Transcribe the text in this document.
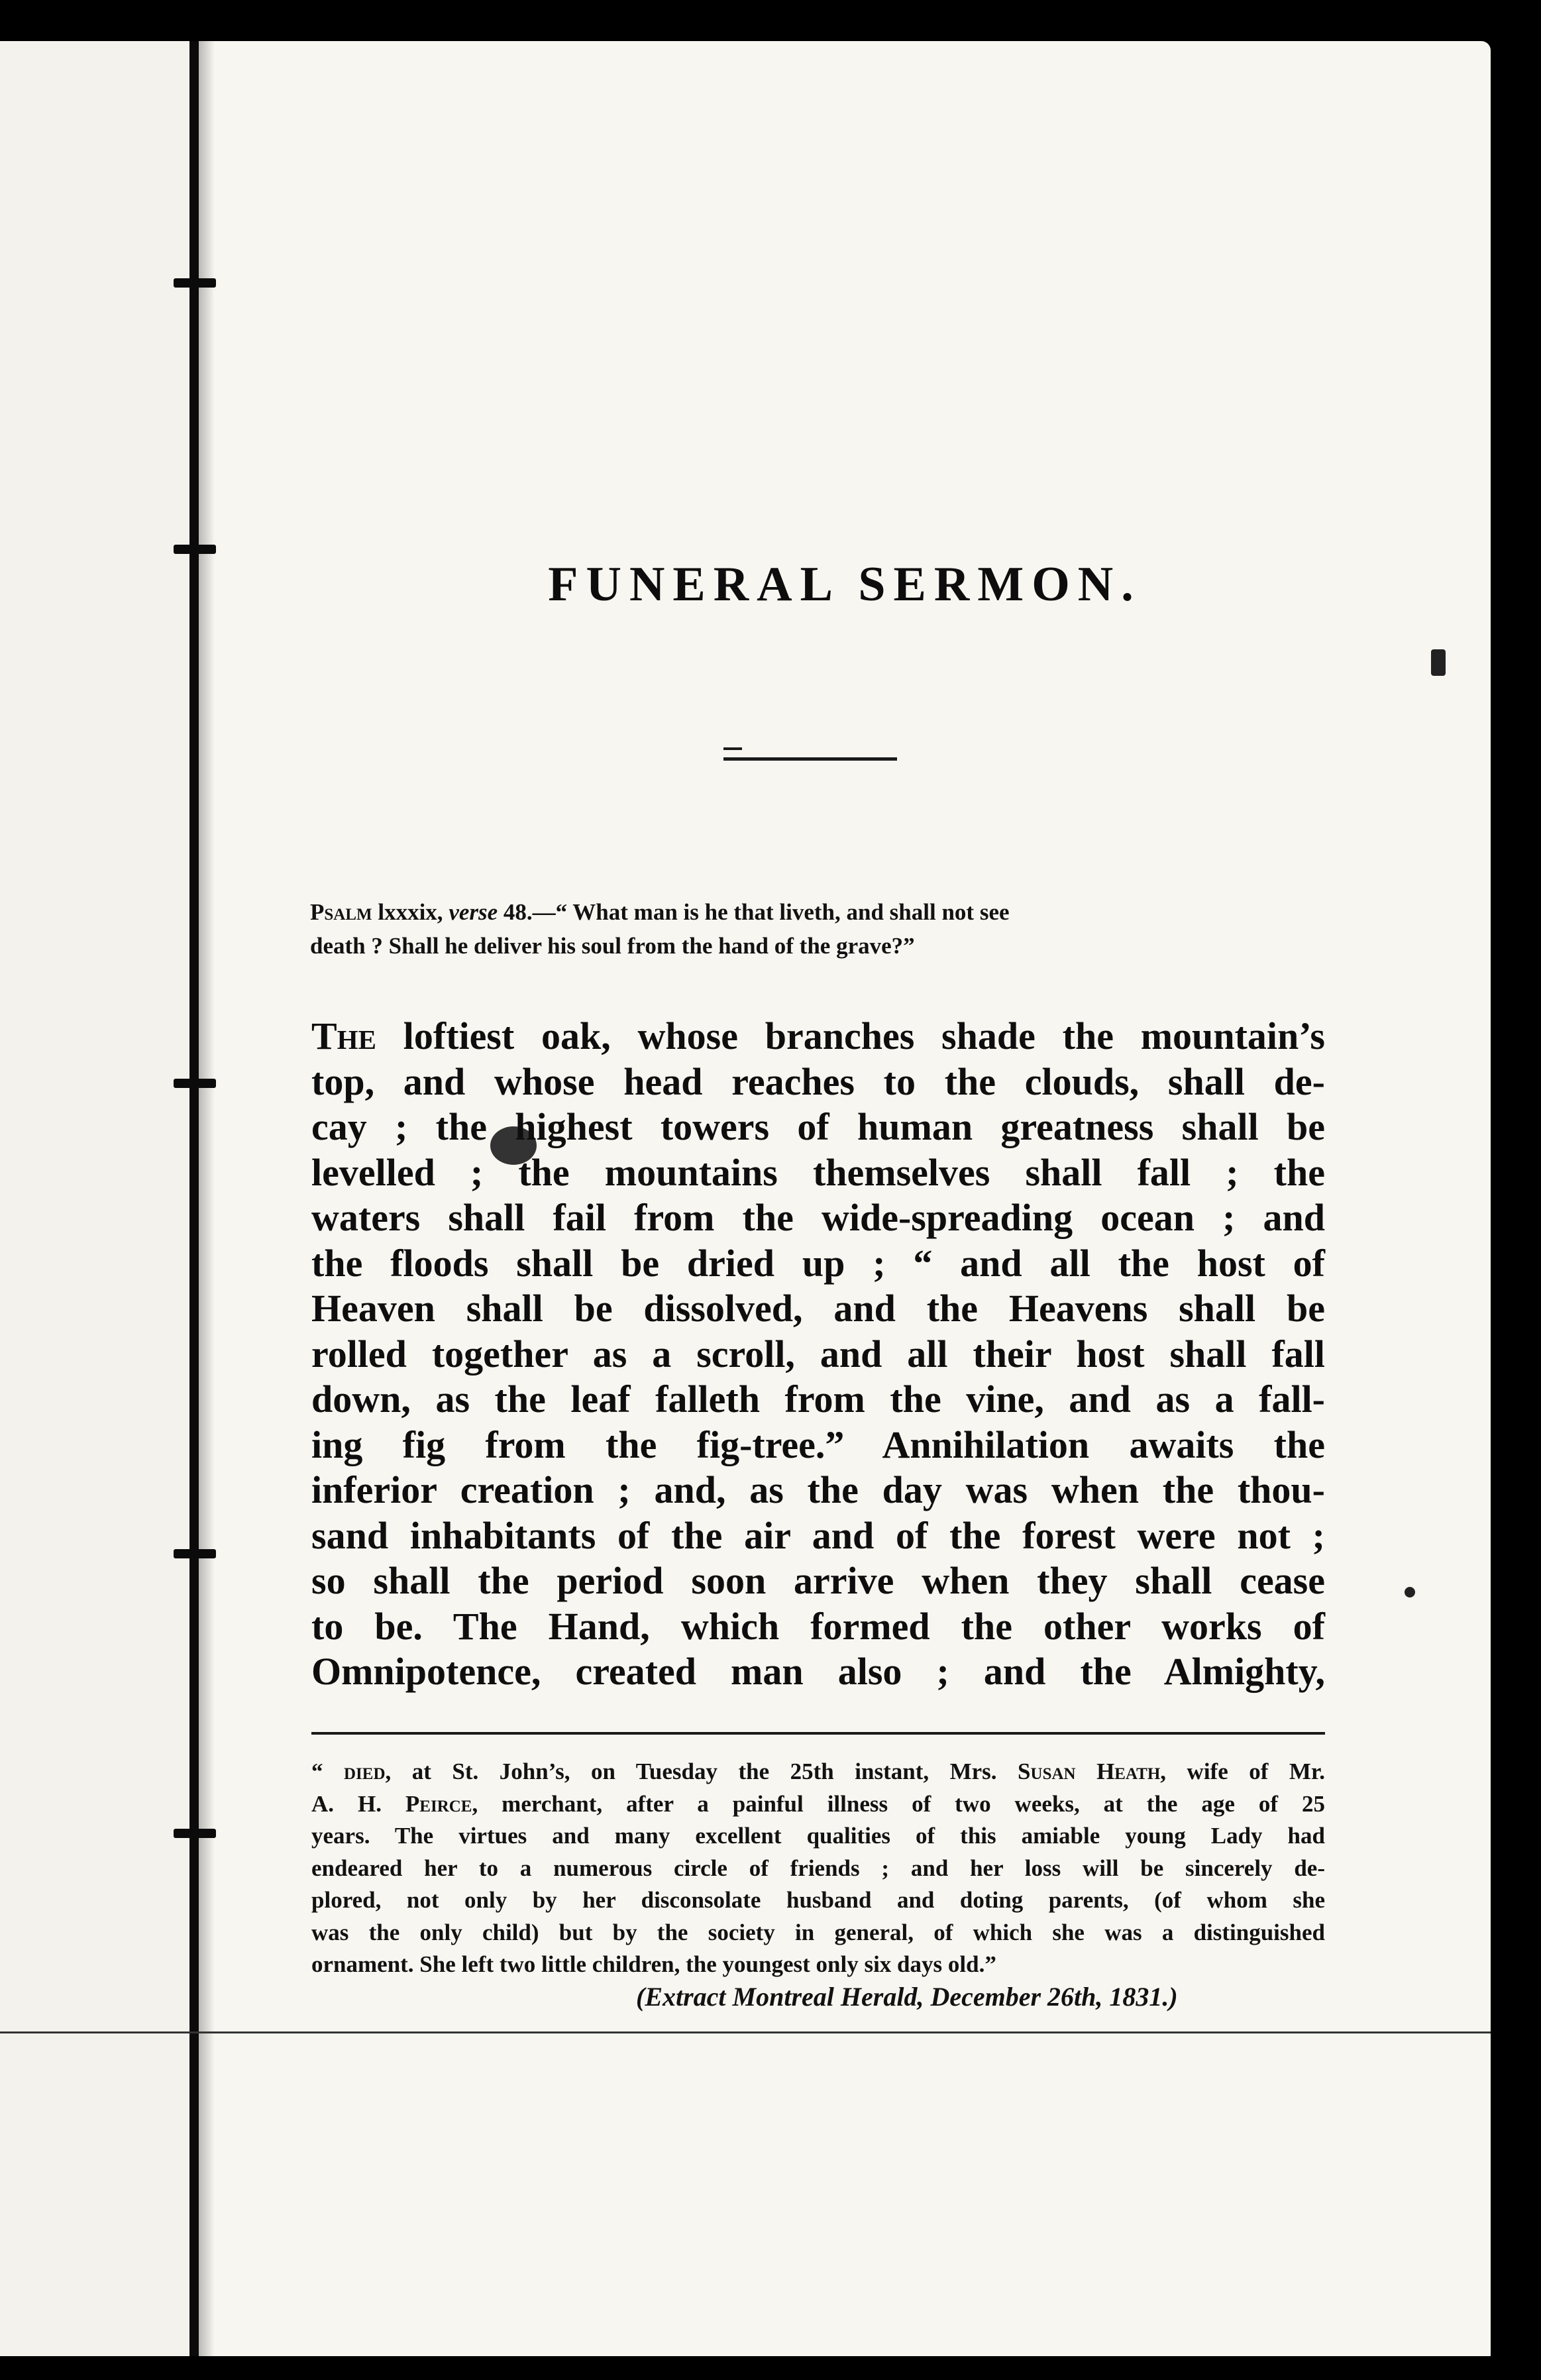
FUNERAL SERMON.
Psalm lxxxix, verse 48.—“ What man is he that liveth, and shall not see
death ? Shall he deliver his soul from the hand of the grave?”
The loftiest oak, whose branches shade the mountain’s
top, and whose head reaches to the clouds, shall de-
cay ; the highest towers of human greatness shall be
levelled ; the mountains themselves shall fall ; the
waters shall fail from the wide-spreading ocean ; and
the floods shall be dried up ; “ and all the host of
Heaven shall be dissolved, and the Heavens shall be
rolled together as a scroll, and all their host shall fall
down, as the leaf falleth from the vine, and as a fall-
ing fig from the fig-tree.” Annihilation awaits the
inferior creation ; and, as the day was when the thou-
sand inhabitants of the air and of the forest were not ;
so shall the period soon arrive when they shall cease
to be. The Hand, which formed the other works of
Omnipotence, created man also ; and the Almighty,
“ died, at St. John’s, on Tuesday the 25th instant, Mrs. Susan Heath, wife of Mr.
A. H. Peirce, merchant, after a painful illness of two weeks, at the age of 25
years. The virtues and many excellent qualities of this amiable young Lady had
endeared her to a numerous circle of friends ; and her loss will be sincerely de-
plored, not only by her disconsolate husband and doting parents, (of whom she
was the only child) but by the society in general, of which she was a distinguished
ornament. She left two little children, the youngest only six days old.”
(Extract Montreal Herald, December 26th, 1831.)
